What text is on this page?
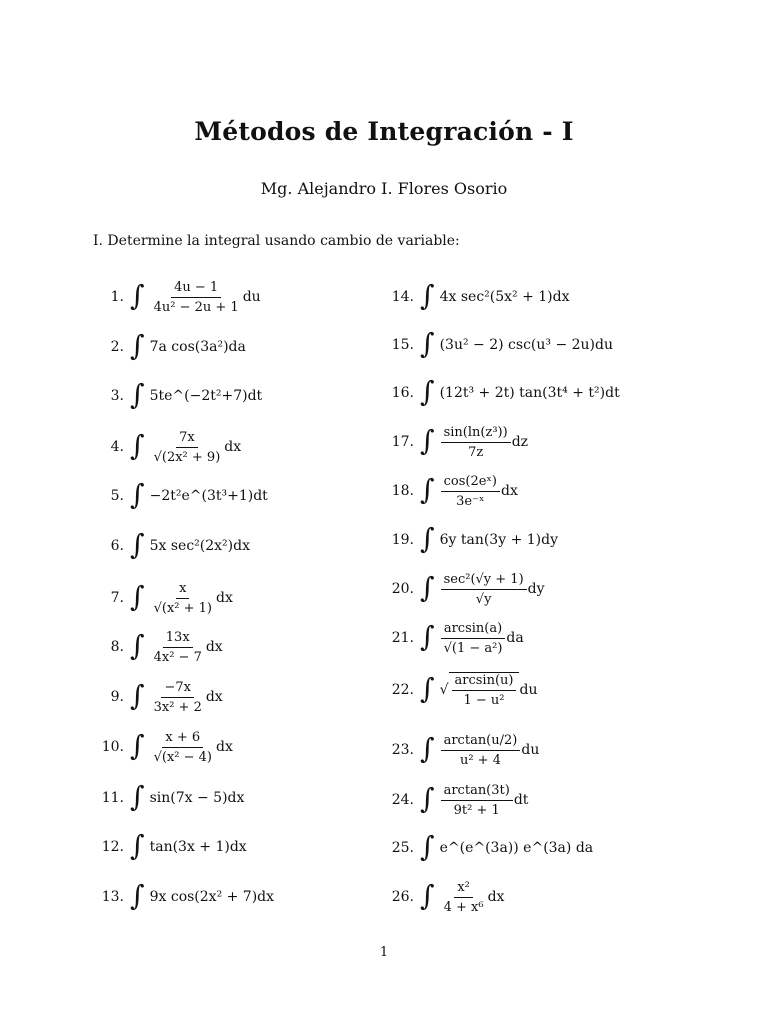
Métodos de Integración - I
Mg. Alejandro I. Flores Osorio
I. Determine la integral usando cambio de variable:
1. ∫ $\frac{4u - 1}{\text{4u² − 2u + 1}}$ du
2. ∫ 7a cos(3a²)da
3. ∫ 5te^(−2t²+7)dt
4. ∫ $\frac{7x}{\text{√(2x² + 9)}}$ dx
5. ∫ −2t²e^(3t³+1)dt
6. ∫ 5x sec²(2x²)dx
7. ∫ $\frac{x}{\text{√(x² + 1)}}$ dx
8. ∫ $\frac{13x}{\text{4x² − 7}}$ dx
9. ∫ $\frac{-7x}{\text{3x² + 2}}$ dx
10. ∫ $\frac{x + 6}{\text{√(x² − 4)}}$ dx
11. ∫ sin(7x − 5)dx
12. ∫ tan(3x + 1)dx
13. ∫ 9x cos(2x² + 7)dx
14. ∫ 4x sec²(5x² + 1)dx
15. ∫ (3u² − 2) csc(u³ − 2u)du
16. ∫ (12t³ + 2t) tan(3t⁴ + t²)dt
17. ∫ $\frac{\text{sin(ln(z³))}}{7z}$ dz
18. ∫ $\frac{\text{cos(2eˣ)}}{\text{3e⁻ˣ}}$ dx
19. ∫ 6y tan(3y + 1)dy
20. ∫ $\frac{\text{sec²(√y + 1)}}{√y}$ dy
21. ∫ $\frac{\arcsin(a)}{\text{√(1 − a²)}}$ da
22. ∫ √ $\frac{\arcsin(u)}{\text{1 − u²}}$ du
23. ∫ $\frac{\arctan(u/2)}{\text{u² + 4}}$ du
24. ∫ $\frac{\arctan(3t)}{\text{9t² + 1}}$ dt
25. ∫ e^(e^(3a)) e^(3a) da
26. ∫ $\frac{\text{x²}}{\text{4 + x⁶}}$ dx
1
